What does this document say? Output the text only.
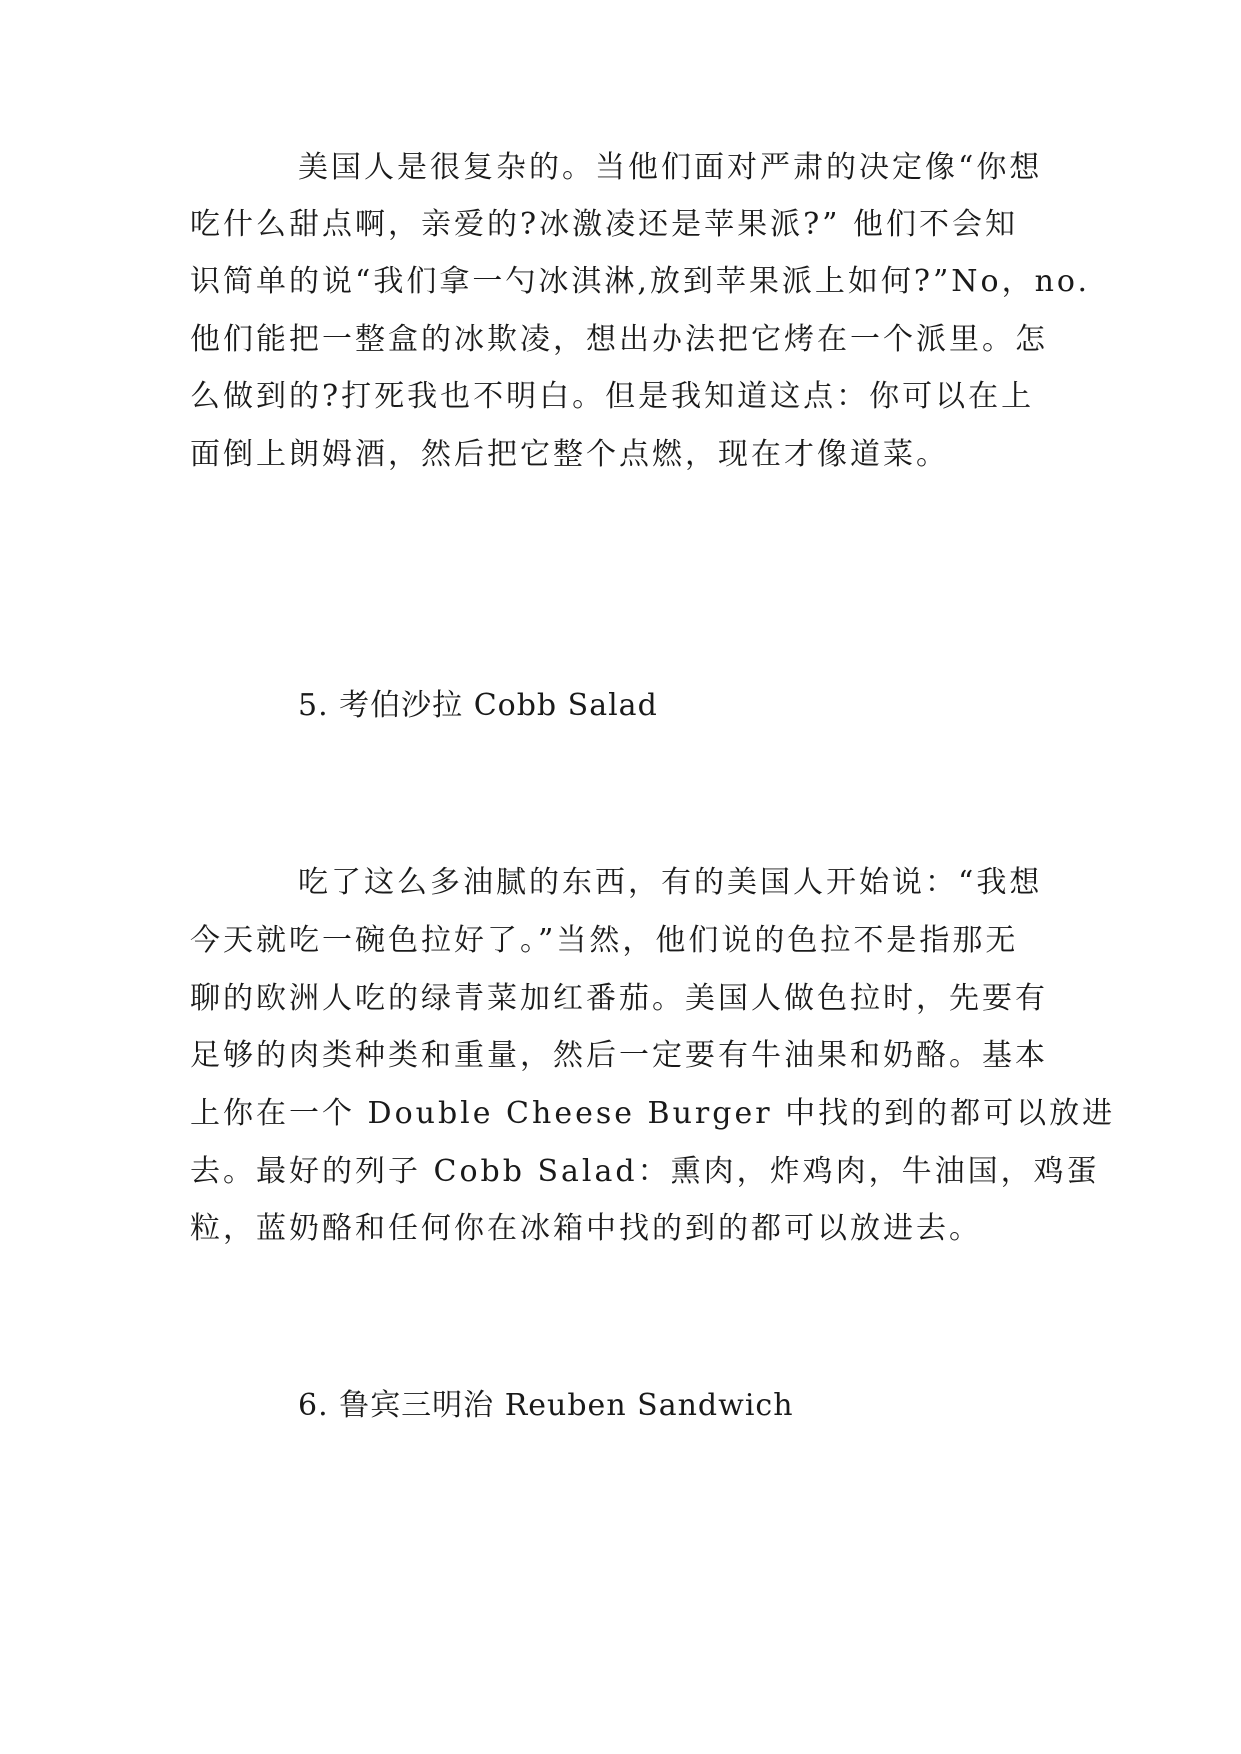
美国人是很复杂的。当他们面对严肃的决定像“你想
吃什么甜点啊，亲爱的?冰激凌还是苹果派?” 他们不会知
识简单的说“我们拿一勺冰淇淋,放到苹果派上如何?”No，no.
他们能把一整盒的冰欺凌，想出办法把它烤在一个派里。怎
么做到的?打死我也不明白。但是我知道这点：你可以在上
面倒上朗姆酒，然后把它整个点燃，现在才像道菜。
5. 考伯沙拉 Cobb Salad
吃了这么多油腻的东西，有的美国人开始说：“我想
今天就吃一碗色拉好了。”当然，他们说的色拉不是指那无
聊的欧洲人吃的绿青菜加红番茄。美国人做色拉时，先要有
足够的肉类种类和重量，然后一定要有牛油果和奶酪。基本
上你在一个 Double Cheese Burger 中找的到的都可以放进
去。最好的列子 Cobb Salad：熏肉，炸鸡肉，牛油国，鸡蛋
粒，蓝奶酪和任何你在冰箱中找的到的都可以放进去。
6. 鲁宾三明治 Reuben Sandwich
